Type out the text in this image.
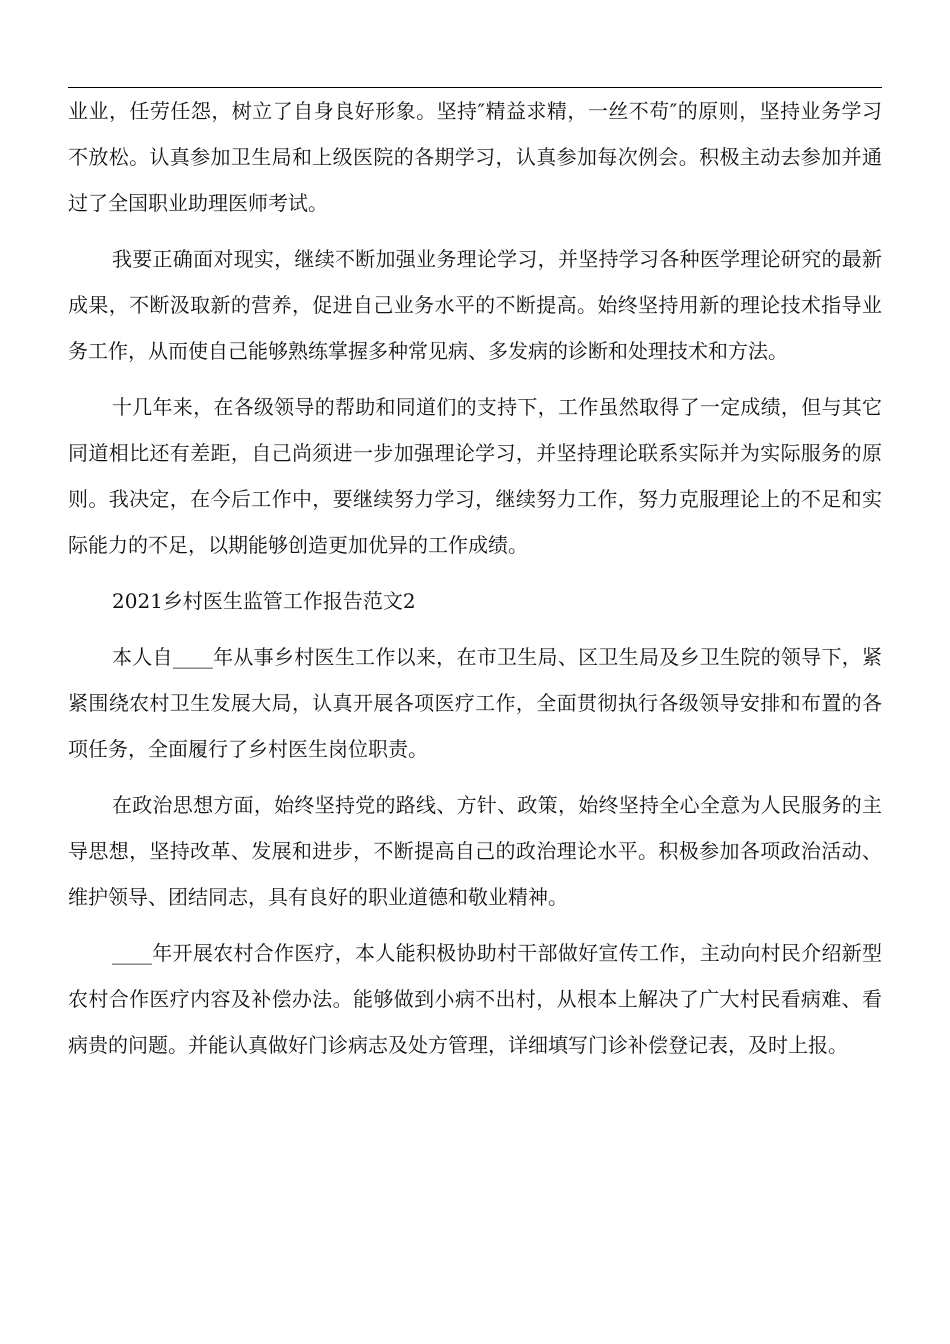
业业，任劳任怨，树立了自身良好形象。坚持″精益求精，一丝不苟″的原则，坚持业务学习不放松。认真参加卫生局和上级医院的各期学习，认真参加每次例会。积极主动去参加并通过了全国职业助理医师考试。

我要正确面对现实，继续不断加强业务理论学习，并坚持学习各种医学理论研究的最新成果，不断汲取新的营养，促进自己业务水平的不断提高。始终坚持用新的理论技术指导业务工作，从而使自己能够熟练掌握多种常见病、多发病的诊断和处理技术和方法。

十几年来，在各级领导的帮助和同道们的支持下，工作虽然取得了一定成绩，但与其它同道相比还有差距，自己尚须进一步加强理论学习，并坚持理论联系实际并为实际服务的原则。我决定，在今后工作中，要继续努力学习，继续努力工作，努力克服理论上的不足和实际能力的不足，以期能够创造更加优异的工作成绩。

2021乡村医生监管工作报告范文2

本人自____年从事乡村医生工作以来，在市卫生局、区卫生局及乡卫生院的领导下，紧紧围绕农村卫生发展大局，认真开展各项医疗工作，全面贯彻执行各级领导安排和布置的各项任务，全面履行了乡村医生岗位职责。

在政治思想方面，始终坚持党的路线、方针、政策，始终坚持全心全意为人民服务的主导思想，坚持改革、发展和进步，不断提高自己的政治理论水平。积极参加各项政治活动、维护领导、团结同志，具有良好的职业道德和敬业精神。

____年开展农村合作医疗，本人能积极协助村干部做好宣传工作，主动向村民介绍新型农村合作医疗内容及补偿办法。能够做到小病不出村，从根本上解决了广大村民看病难、看病贵的问题。并能认真做好门诊病志及处方管理，详细填写门诊补偿登记表，及时上报。
